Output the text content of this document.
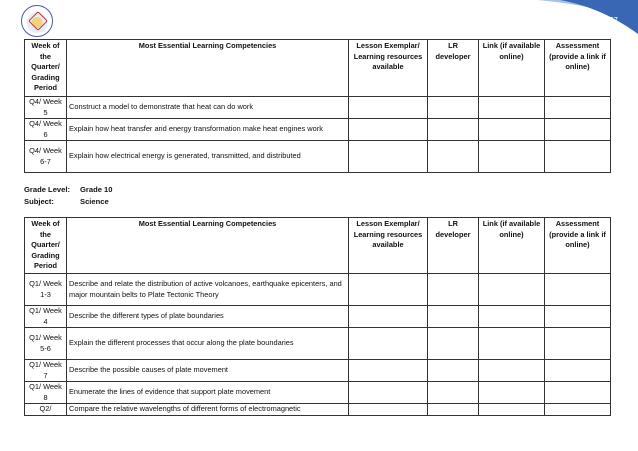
327
Week of the Quarter/ Grading Period	Most Essential Learning Competencies	Lesson Exemplar/ Learning resources available	LR developer	Link (if available online)	Assessment (provide a link if online)
Q4/ Week 5	Construct a model to demonstrate that heat can do work				
Q4/ Week 6	Explain how heat transfer and energy transformation make heat engines work				
Q4/ Week 6-7	Explain how electrical energy is generated, transmitted, and distributed				
Grade Level: Grade 10
Subject:	Science
Week of the Quarter/ Grading Period	Most Essential Learning Competencies	Lesson Exemplar/ Learning resources available	LR developer	Link (if available online)	Assessment (provide a link if online)
Q1/ Week 1-3	Describe and relate the distribution of active volcanoes, earthquake epicenters, and major mountain belts to Plate Tectonic Theory				
Q1/ Week 4	Describe the different types of plate boundaries				
Q1/ Week 5-6	Explain the different processes that occur along the plate boundaries				
Q1/ Week 7	Describe the possible causes of plate movement				
Q1/ Week 8	Enumerate the lines of evidence that support plate movement				
Q2/	Compare the relative wavelengths of different forms of electromagnetic				
